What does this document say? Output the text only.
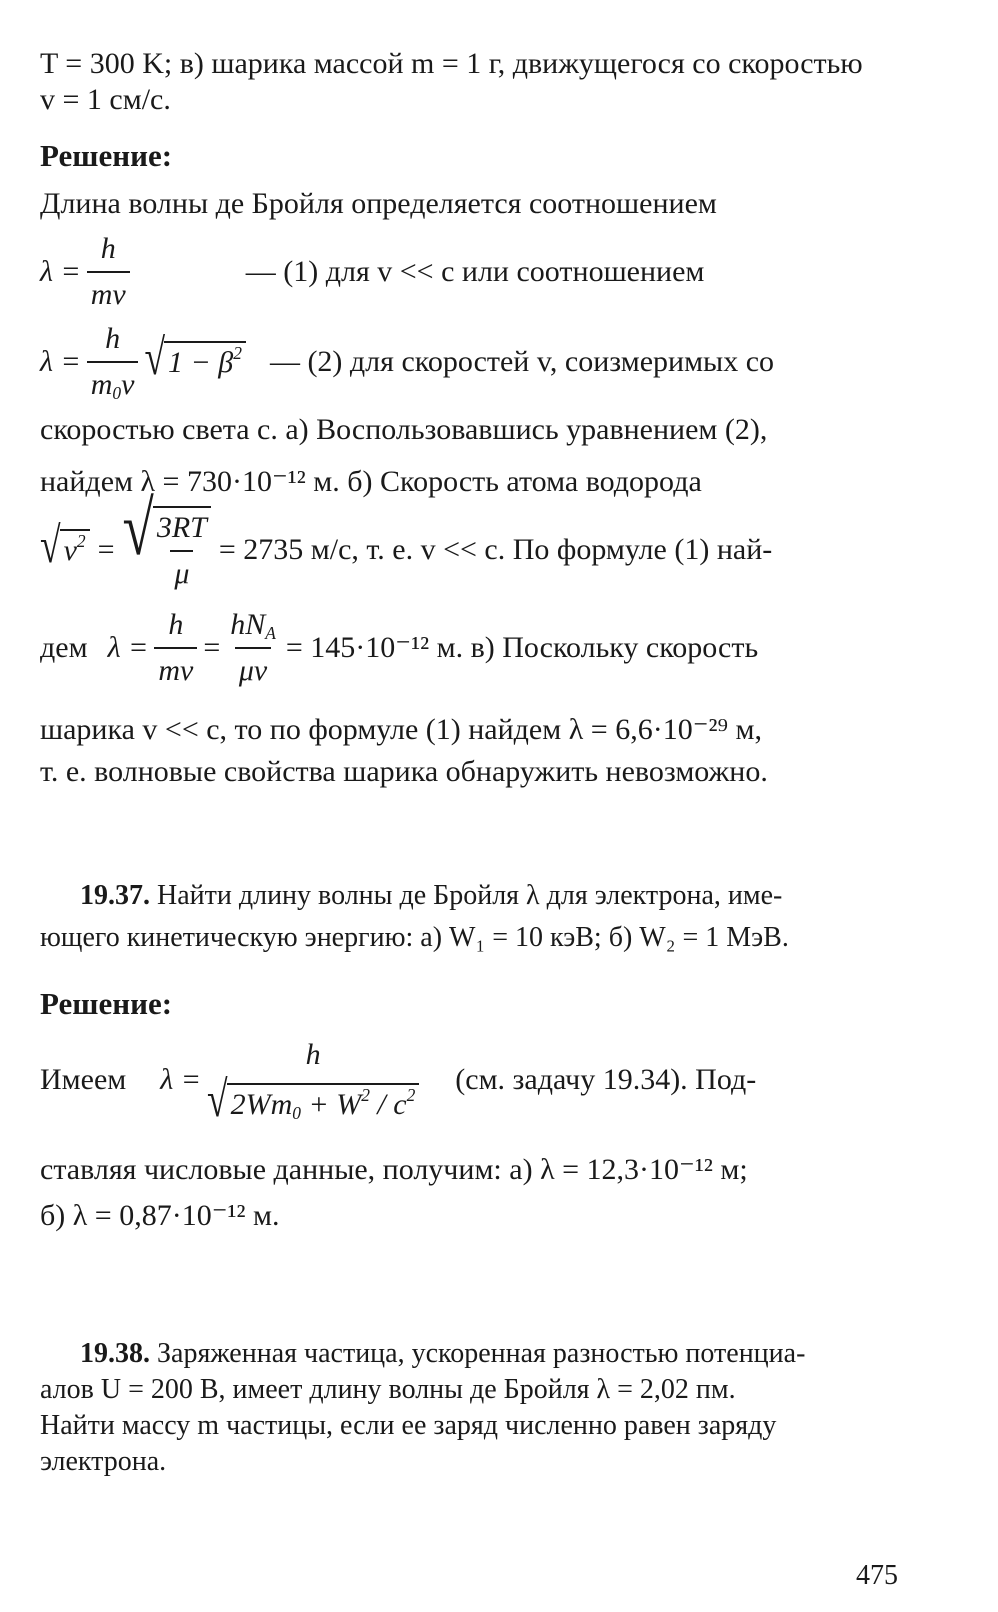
T = 300 K; в) шарика массой m = 1 г, движущегося со скоростью
v = 1 см/с.
Решение:
Длина волны де Бройля определяется соотношением
$\lambda = \frac{h}{mv}$	— (1) для v << c или соотношением
$\lambda = \frac{h}{m_0v}$ √ $1 - \beta^2$ — (2) для скоростей v, соизмеримых со
скоростью света c. а) Воспользовавшись уравнением (2),
найдем λ = 730·10⁻¹² м. б) Скорость атома водорода
√ $v^2$ = √ $\frac{3RT}{\mu} = 2735$ м/с, т. е. v << c. По формуле (1) най-
дем $\lambda = \frac{h}{mv} = \frac{hN_A}{\mu v} = 145\cdot 10^{-12}$ м. в) Поскольку скорость
шарика v << c, то по формуле (1) найдем λ = 6,6·10⁻²⁹ м,
т. е. волновые свойства шарика обнаружить невозможно.
19.37. Найти длину волны де Бройля λ для электрона, име-
ющего кинетическую энергию: а) W₁ = 10 кэВ; б) W₂ = 1 МэВ.
Решение:
Имеем λ =
h
√ $2Wm_0 + W^2 / c^2$ (см. задачу 19.34). Под-
ставляя числовые данные, получим: а) λ = 12,3·10⁻¹² м;
б) λ = 0,87·10⁻¹² м.
19.38. Заряженная частица, ускоренная разностью потенциа-
алов U = 200 В, имеет длину волны де Бройля λ = 2,02 пм.
Найти массу m частицы, если ее заряд численно равен заряду
электрона.
475
